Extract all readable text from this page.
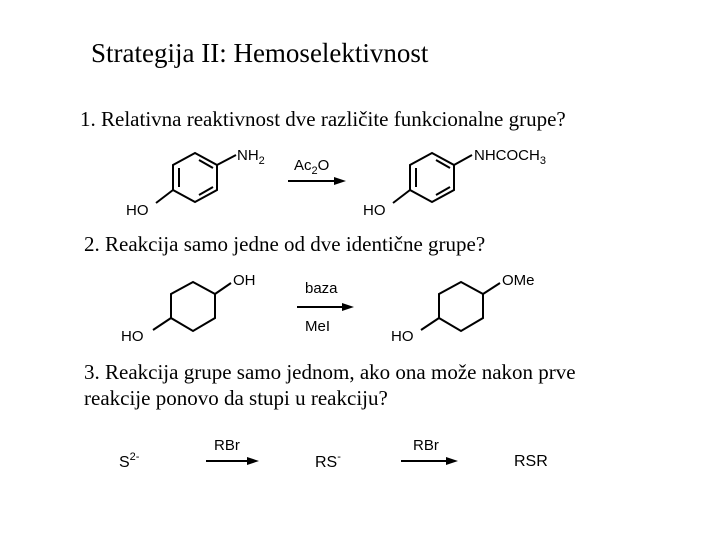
Strategija II: Hemoselektivnost
1. Relativna reaktivnost dve različite funkcionalne grupe?
$NH_2$
HO
$Ac_2O$
$NHCOCH_3$
HO
2. Reakcija samo jedne od dve identične grupe?
OH
HO
baza
MeI
OMe
HO
3. Reakcija grupe samo jednom, ako ona može nakon prve
reakcije ponovo da stupi u reakciju?
$S^{2-}$
RBr
RS-
RBr
RSR
